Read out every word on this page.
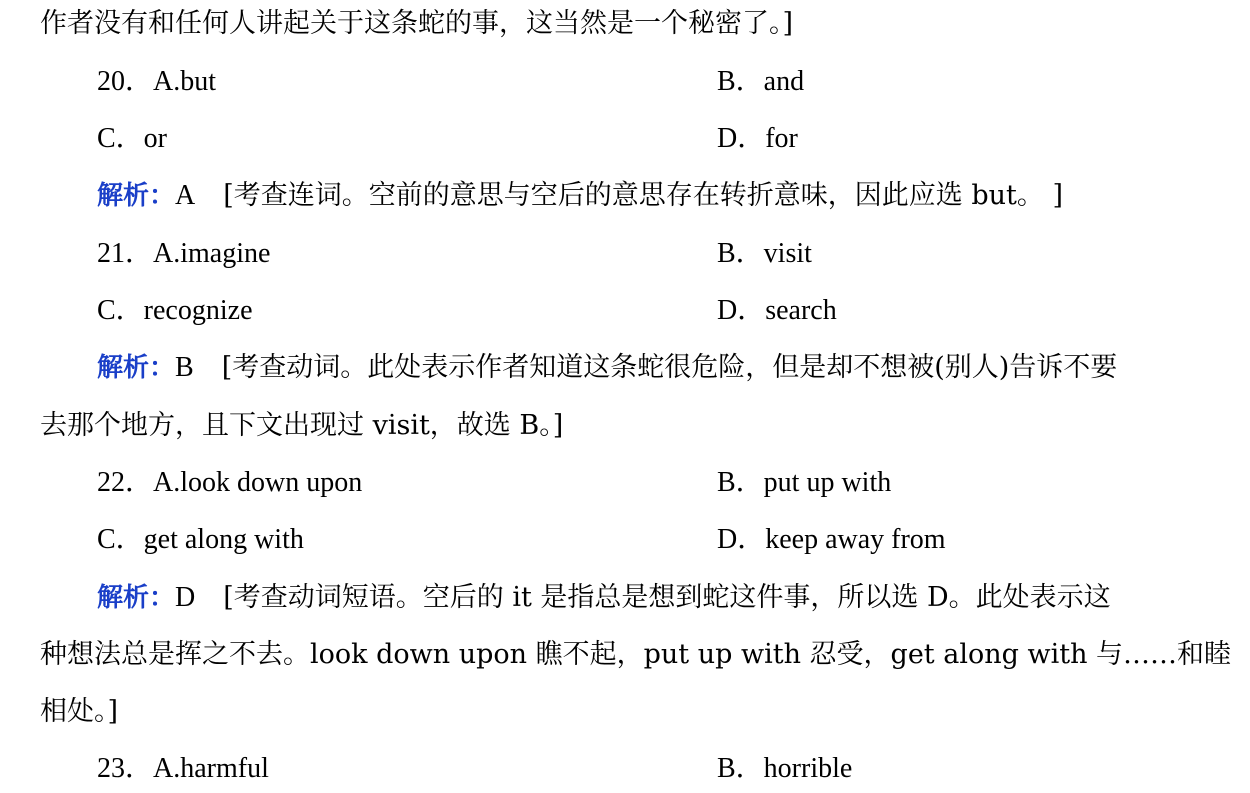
作者没有和任何人讲起关于这条蛇的事，这当然是一个秘密了。]
20．A.but	B．and
C．or	D．for
解析：A [考查连词。空前的意思与空后的意思存在转折意味，因此应选 but。 ]
21．A.imagine	B．visit
C．recognize	D．search
解析：B [考查动词。此处表示作者知道这条蛇很危险，但是却不想被(别人)告诉不要
去那个地方，且下文出现过 visit，故选 B。]
22．A.look down upon	B．put up with
C．get along with	D．keep away from
解析：D [考查动词短语。空后的 it 是指总是想到蛇这件事，所以选 D。此处表示这
种想法总是挥之不去。look down upon 瞧不起，put up with 忍受，get along with 与……和睦
相处。]
23．A.harmful	B．horrible
